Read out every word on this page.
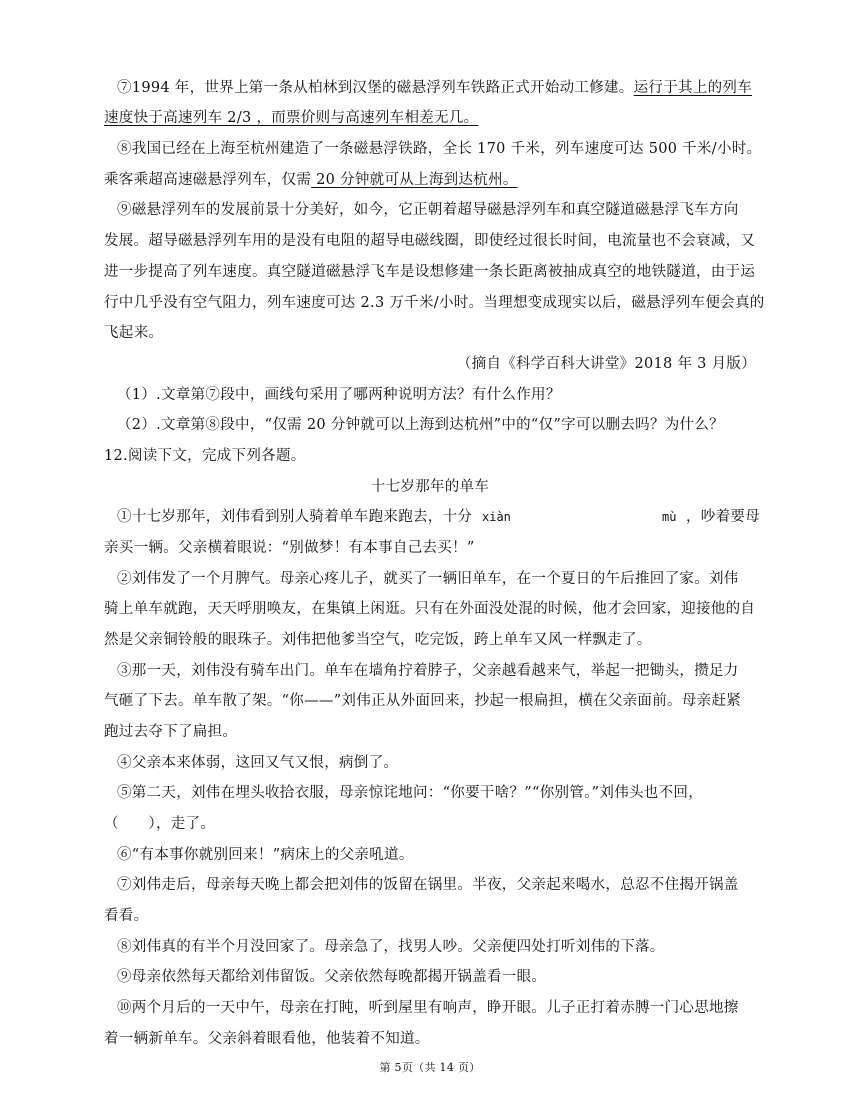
⑦1994 年，世界上第一条从柏林到汉堡的磁悬浮列车铁路正式开始动工修建。运行于其上的列车
速度快于高速列车 2/3 ，而票价则与高速列车相差无几。
⑧我国已经在上海至杭州建造了一条磁悬浮铁路，全长 170 千米，列车速度可达 500 千米/小时。
乘客乘超高速磁悬浮列车，仅需 20 分钟就可从上海到达杭州。
⑨磁悬浮列车的发展前景十分美好，如今，它正朝着超导磁悬浮列车和真空隧道磁悬浮飞车方向
发展。超导磁悬浮列车用的是没有电阻的超导电磁线圈，即使经过很长时间，电流量也不会衰减，又
进一步提高了列车速度。真空隧道磁悬浮飞车是设想修建一条长距离被抽成真空的地铁隧道，由于运
行中几乎没有空气阻力，列车速度可达 2.3 万千米/小时。当理想变成现实以后，磁悬浮列车便会真的
飞起来。
（摘自《科学百科大讲堂》2018 年 3 月版）
（1）.文章第⑦段中，画线句采用了哪两种说明方法？有什么作用？
（2）.文章第⑧段中，“仅需 20 分钟就可以上海到达杭州”中的“仅”字可以删去吗？为什么？
12.阅读下文，完成下列各题。
十七岁那年的单车
①十七岁那年，刘伟看到别人骑着单车跑来跑去，十分 xiàn	mù ，吵着要母
亲买一辆。父亲横着眼说：“别做梦！有本事自己去买！”
②刘伟发了一个月脾气。母亲心疼儿子，就买了一辆旧单车，在一个夏日的午后推回了家。刘伟
骑上单车就跑，天天呼朋唤友，在集镇上闲逛。只有在外面没处混的时候，他才会回家，迎接他的自
然是父亲铜铃般的眼珠子。刘伟把他爹当空气，吃完饭，跨上单车又风一样飘走了。
③那一天，刘伟没有骑车出门。单车在墙角拧着脖子，父亲越看越来气，举起一把锄头，攒足力
气砸了下去。单车散了架。“你——”刘伟正从外面回来，抄起一根扁担，横在父亲面前。母亲赶紧
跑过去夺下了扁担。
④父亲本来体弱，这回又气又恨，病倒了。
⑤第二天，刘伟在埋头收拾衣服，母亲惊诧地问：“你要干啥？”“你别管。”刘伟头也不回，
（　　），走了。
⑥“有本事你就别回来！”病床上的父亲吼道。
⑦刘伟走后，母亲每天晚上都会把刘伟的饭留在锅里。半夜，父亲起来喝水，总忍不住揭开锅盖
看看。
⑧刘伟真的有半个月没回家了。母亲急了，找男人吵。父亲便四处打听刘伟的下落。
⑨母亲依然每天都给刘伟留饭。父亲依然每晚都揭开锅盖看一眼。
⑩两个月后的一天中午，母亲在打盹，听到屋里有响声，睁开眼。儿子正打着赤膊一门心思地擦
着一辆新单车。父亲斜着眼看他，他装着不知道。
第 5页（共 14 页）
